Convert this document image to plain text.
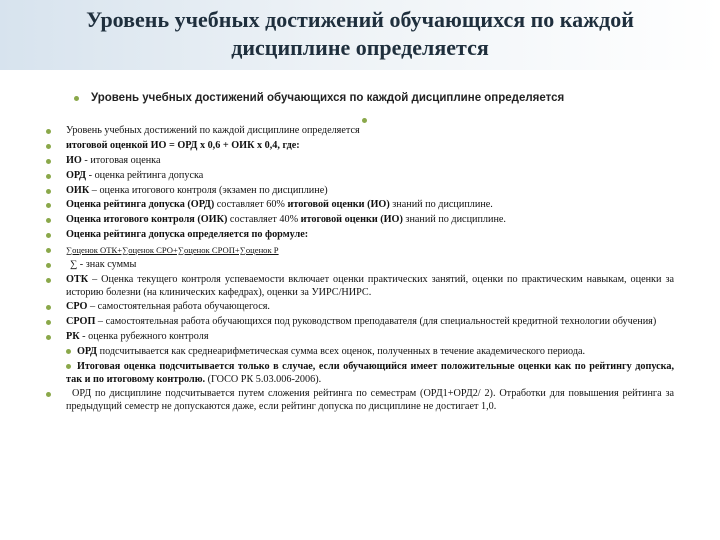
Уровень учебных достижений обучающихся по каждой дисциплине определяется
Уровень учебных достижений обучающихся по каждой дисциплине определяется
Уровень учебных достижений по каждой дисциплине определяется
итоговой оценкой ИО = ОРД х 0,6 + ОИК х 0,4, где:
ИО - итоговая оценка
ОРД - оценка рейтинга допуска
ОИК – оценка итогового контроля (экзамен по дисциплине)
Оценка рейтинга допуска (ОРД) составляет 60% итоговой оценки (ИО) знаний по дисциплине.
Оценка итогового контроля (ОИК) составляет 40% итоговой оценки (ИО) знаний по дисциплине.
Оценка рейтинга допуска определяется по формуле:
∑оценок ОТК+∑оценок СРО+∑оценок СРОП+∑оценок Р
∑ - знак суммы
ОТК – Оценка текущего контроля успеваемости включает оценки практических занятий, оценки по практическим навыкам, оценки за историю болезни (на клинических кафедрах), оценки за УИРС/НИРС.
СРО – самостоятельная работа обучающегося.
СРОП – самостоятельная работа обучающихся под руководством преподавателя (для специальностей кредитной технологии обучения)
РК - оценка рубежного контроля
ОРД подсчитывается как среднеарифметическая сумма всех оценок, полученных в течение академического периода.
Итоговая оценка подсчитывается только в случае, если обучающийся имеет положительные оценки как по рейтингу допуска, так и по итоговому контролю. (ГОСО РК 5.03.006-2006).
ОРД по дисциплине подсчитывается путем сложения рейтинга по семестрам (ОРД1+ОРД2/ 2). Отработки для повышения рейтинга за предыдущий семестр не допускаются даже, если рейтинг допуска по дисциплине не достигает 1,0.
